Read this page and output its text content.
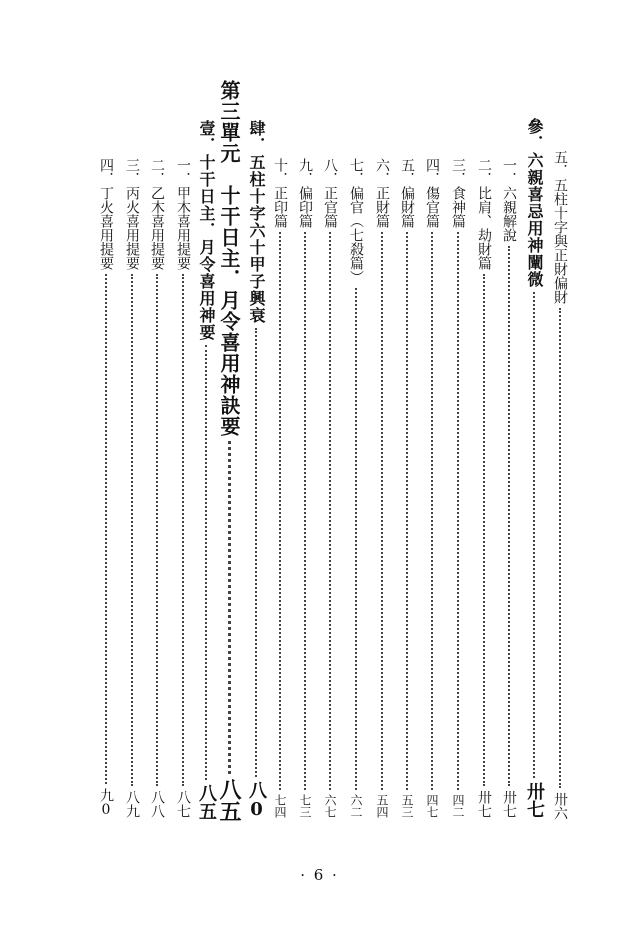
五．五柱十字與正財偏財
卅六
參．六親喜忌用神闡微
卅七
一．六親解說
卅七
二．比肩、劫財篇
卅七
三．食神篇
四二
四．傷官篇
四七
五．偏財篇
五三
六．正財篇
五四
七．偏官（七殺篇）
六二
八．正官篇
六七
九．偏印篇
七三
十．正印篇
七四
肆．五柱十字六十甲子興衰
八0
第三單元　十干日主．月令喜用神訣要
八五
壹．十干日主．月令喜用神要
八五
一．甲木喜用提要
八七
二．乙木喜用提要
八八
三．丙火喜用提要
八九
四．丁火喜用提要
九0
· 6 ·
